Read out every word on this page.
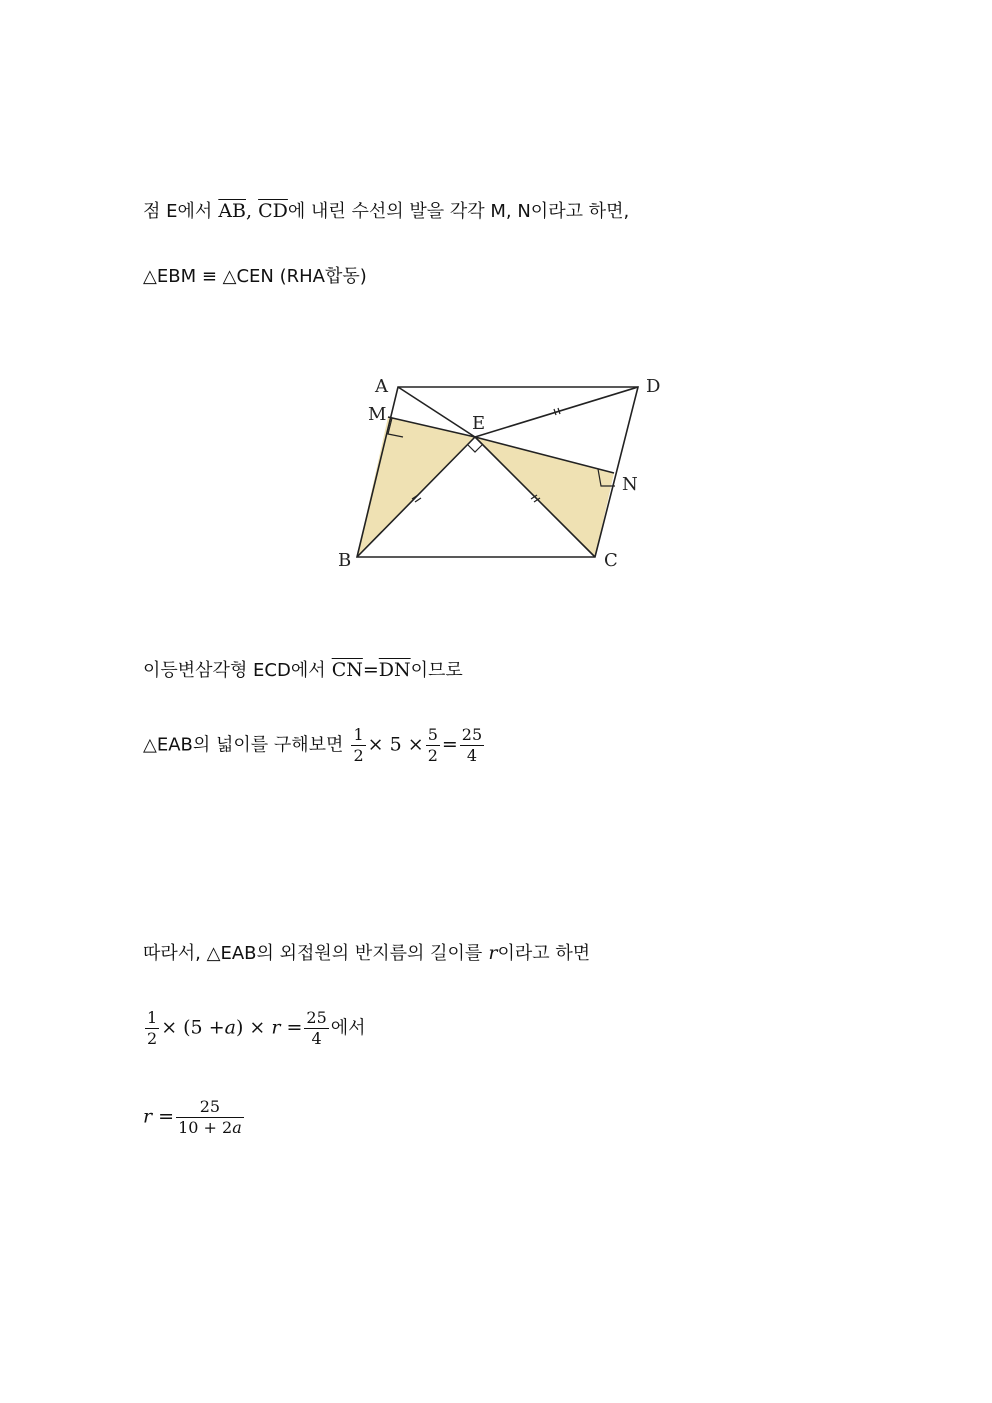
점 E에서 $\overline{AB}$, $\overline{CD}$에 내린 수선의 발을 각각 M, N이라고 하면,
△EBM ≡ △CEN (RHA합동)
A	D
M	E
N
B	C
이등변삼각형 ECD에서 $\overline{CN}=\overline{DN}$이므로
△EAB의 넓이를 구해보면 $\frac{1}{2} \times 5 \times \frac{5}{2} = \frac{25}{4}$
따라서, △EAB의 외접원의 반지름의 길이를 r이라고 하면
$\frac{1}{2} \times (5 +a) \times r = \frac{25}{4}$ 에서
$r = \frac{25}{10 + 2a}$
